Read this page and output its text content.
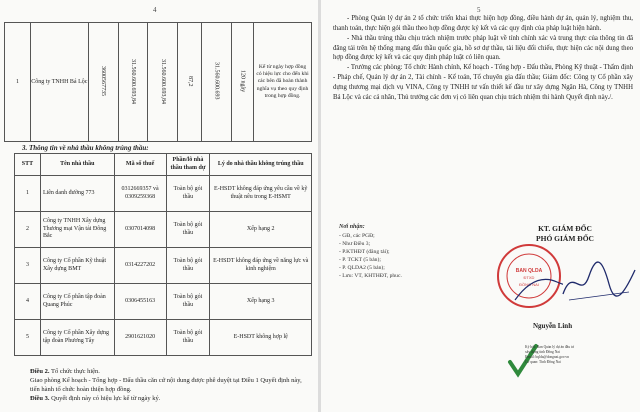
4
1	Công ty TNHH Bá Lộc	3600567735	31.560.600.693,84	31.560.600.693,84	87,2	31.560.600.693	120 ngày	Kể từ ngày hợp đồng có hiệu lực cho đến khi các bên đã hoàn thành nghĩa vụ theo quy định trong hợp đồng.
3. Thông tin về nhà thầu không trúng thầu:
STT	Tên nhà thầu	Mã số thuế	Phần/lô nhà thầu tham dự	Lý do nhà thầu không trúng thầu
1	Liên danh đường 773	0312669357 và 0309259368	Toàn bộ gói thầu	E-HSDT không đáp ứng yêu cầu về kỹ thuật nêu trong E-HSMT
2	Công ty TNHH Xây dựng Thương mại Vận tải Đông Bắc	0307014098	Toàn bộ gói thầu	Xếp hạng 2
3	Công ty Cổ phần Kỹ thuật Xây dựng BMT	0314227202	Toàn bộ gói thầu	E-HSDT không đáp ứng về năng lực và kinh nghiệm
4	Công ty Cổ phần tập đoàn Quang Phúc	0306455163	Toàn bộ gói thầu	Xếp hạng 3
5	Công ty Cổ phần Xây dựng tập đoàn Phương Tây	2901621020	Toàn bộ gói thầu	E-HSDT không hợp lệ

Điều 2. Tổ chức thực hiện.

Giao phòng Kế hoạch - Tổng hợp - Đấu thầu căn cứ nội dung được phê duyệt tại Điều 1 Quyết định này, tiến hành tổ chức hoàn thiện hợp đồng.

Điều 3. Quyết định này có hiệu lực kể từ ngày ký.

5

- Phòng Quản lý dự án 2 tổ chức triển khai thực hiện hợp đồng, điều hành dự án, quản lý, nghiệm thu, thanh toán, thực hiện gói thầu theo hợp đồng được ký kết và các quy định của pháp luật hiện hành.

- Nhà thầu trúng thầu chịu trách nhiệm trước pháp luật về tính chính xác và trung thực của thông tin đã đăng tải trên hệ thống mạng đấu thầu quốc gia, hồ sơ dự thầu, tài liệu đối chiếu, thực hiện các nội dung theo hợp đồng được ký kết và các quy định pháp luật có liên quan.

- Trưởng các phòng: Tổ chức Hành chính, Kế hoạch - Tổng hợp - Đấu thầu, Phòng Kỹ thuật - Thẩm định - Pháp chế, Quản lý dự án 2, Tài chính - Kế toán, Tổ chuyên gia đấu thầu; Giám đốc: Công ty Cổ phần xây dựng thương mại dịch vụ VINA, Công ty TNHH tư vấn thiết kế đầu tư xây dựng Ngân Hà, Công ty TNHH Bá Lộc và các cá nhân, Thủ trưởng các đơn vị có liên quan chịu trách nhiệm thi hành Quyết định này./.

Nơi nhận:
- GĐ, các PGĐ;
- Như Điều 3;
- P.KTHĐT (đăng tải);
- P. TCKT (5 bản);
- P. QLDA2 (5 bản);
- Lưu: VT, KHTHĐT, phuc.
KT. GIÁM ĐỐC
PHÓ GIÁM ĐỐC
BAN QLDA
ĐTXD
ĐỒNG NAI
Nguyễn Linh
Ký bởi: Ban Quản lý dự án đầu tư
xây dựng tỉnh Đồng Nai
Email: bqlda@dongnai.gov.vn
Cơ quan: Tỉnh Đồng Nai
